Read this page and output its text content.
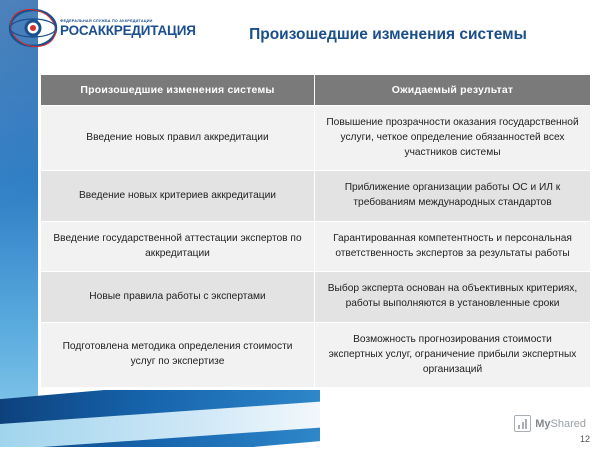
ФЕДЕРАЛЬНАЯ СЛУЖБА ПО АККРЕДИТАЦИИ
РОСАККРЕДИТАЦИЯ	Произошедшие изменения системы
Произошедшие изменения системы	Ожидаемый результат
Введение новых правил аккредитации	Повышение прозрачности оказания государственной услуги, четкое определение обязанностей всех участников системы
Введение новых критериев аккредитации	Приближение организации работы ОС и ИЛ к требованиям международных стандартов
Введение государственной аттестации экспертов по аккредитации	Гарантированная компетентность и персональная ответственность экспертов за результаты работы
Новые правила работы с экспертами	Выбор эксперта основан на объективных критериях, работы выполняются в установленные сроки
Подготовлена методика определения стоимости услуг по экспертизе	Возможность прогнозирования стоимости экспертных услуг, ограничение прибыли экспертных организаций
MyShared
12
